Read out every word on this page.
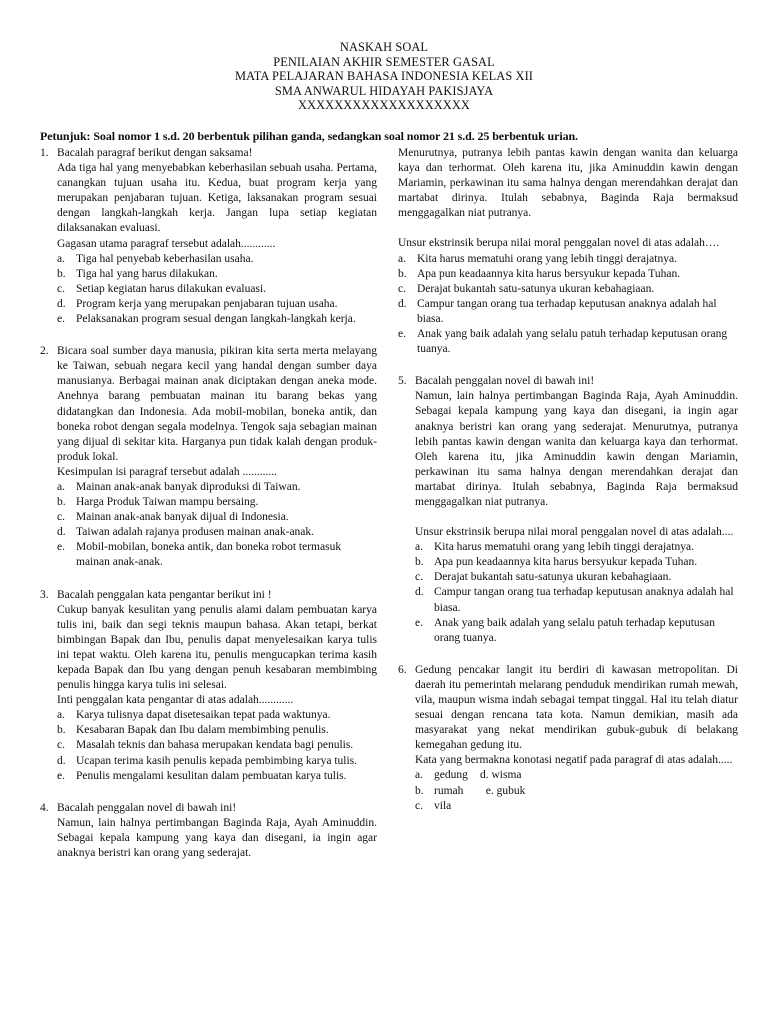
NASKAH SOAL
PENILAIAN AKHIR SEMESTER GASAL
MATA PELAJARAN BAHASA INDONESIA KELAS XII
SMA ANWARUL HIDAYAH PAKISJAYA
XXXXXXXXXXXXXXXXXXX
Petunjuk: Soal nomor 1 s.d. 20 berbentuk pilihan ganda, sedangkan soal nomor 21 s.d. 25 berbentuk urian.
1. Bacalah paragraf berikut dengan saksama!
Ada tiga hal yang menyebabkan keberhasilan sebuah usaha. Pertama, canangkan tujuan usaha itu. Kedua, buat program kerja yang merupakan penjabaran tujuan. Ketiga, laksanakan program sesuai dengan langkah-langkah kerja. Jangan lupa setiap kegiatan dilaksanakan evaluasi.
Gagasan utama paragraf tersebut adalah............
a. Tiga hal penyebab keberhasilan usaha.
b. Tiga hal yang harus dilakukan.
c. Setiap kegiatan harus dilakukan evaluasi.
d. Program kerja yang merupakan penjabaran tujuan usaha.
e. Pelaksanakan program sesual dengan langkah-langkah kerja.
2. Bicara soal sumber daya manusia, pikiran kita serta merta melayang ke Taiwan, sebuah negara kecil yang handal dengan sumber daya manusianya. Berbagai mainan anak diciptakan dengan aneka mode. Anehnya barang pembuatan mainan itu barang bekas yang didatangkan dan Indonesia. Ada mobil-mobilan, boneka antik, dan boneka robot dengan segala modelnya. Tengok saja sebagian mainan yang dijual di sekitar kita. Harganya pun tidak kalah dengan produk-produk lokal.
Kesimpulan isi paragraf tersebut adalah ............
a. Mainan anak-anak banyak diproduksi di Taiwan.
b. Harga Produk Taiwan mampu bersaing.
c. Mainan anak-anak banyak dijual di Indonesia.
d. Taiwan adalah rajanya produsen mainan anak-anak.
e. Mobil-mobilan, boneka antik, dan boneka robot termasuk mainan anak-anak.
3. Bacalah penggalan kata pengantar berikut ini !
Cukup banyak kesulitan yang penulis alami dalam pembuatan karya tulis ini, baik dan segi teknis maupun bahasa. Akan tetapi, berkat bimbingan Bapak dan Ibu, penulis dapat menyelesaikan karya tulis ini tepat waktu. Oleh karena itu, penulis mengucapkan terima kasih kepada Bapak dan Ibu yang dengan penuh kesabaran membimbing penulis hingga karya tulis ini selesai.
Inti penggalan kata pengantar di atas adalah............
a. Karya tulisnya dapat disetesaikan tepat pada waktunya.
b. Kesabaran Bapak dan Ibu dalam membimbing penulis.
c. Masalah teknis dan bahasa merupakan kendata bagi penulis.
d. Ucapan terima kasih penulis kepada pembimbing karya tulis.
e. Penulis mengalami kesulitan dalam pembuatan karya tulis.
4. Bacalah penggalan novel di bawah ini!
Namun, lain halnya pertimbangan Baginda Raja, Ayah Aminuddin. Sebagai kepala kampung yang kaya dan disegani, ia ingin agar anaknya beristri kan orang yang sederajat.
Menurutnya, putranya lebih pantas kawin dengan wanita dan keluarga kaya dan terhormat. Oleh karena itu, jika Aminuddin kawin dengan Mariamin, perkawinan itu sama halnya dengan merendahkan derajat dan martabat dirinya. Itulah sebabnya, Baginda Raja bermaksud menggagalkan niat putranya.
Unsur ekstrinsik berupa nilai moral penggalan novel di atas adalah….
a. Kita harus mematuhi orang yang lebih tinggi derajatnya.
b. Apa pun keadaannya kita harus bersyukur kepada Tuhan.
c. Derajat bukantah satu-satunya ukuran kebahagiaan.
d. Campur tangan orang tua terhadap keputusan anaknya adalah hal biasa.
e. Anak yang baik adalah yang selalu patuh terhadap keputusan orang tuanya.
5. Bacalah penggalan novel di bawah ini!
Namun, lain halnya pertimbangan Baginda Raja, Ayah Aminuddin. Sebagai kepala kampung yang kaya dan disegani, ia ingin agar anaknya beristri kan orang yang sederajat. Menurutnya, putranya lebih pantas kawin dengan wanita dan keluarga kaya dan terhormat. Oleh karena itu, jika Aminuddin kawin dengan Mariamin, perkawinan itu sama halnya dengan merendahkan derajat dan martabat dirinya. Itulah sebabnya, Baginda Raja bermaksud menggagalkan niat putranya.
Unsur ekstrinsik berupa nilai moral penggalan novel di atas adalah....
a. Kita harus mematuhi orang yang lebih tinggi derajatnya.
b. Apa pun keadaannya kita harus bersyukur kepada Tuhan.
c. Derajat bukantah satu-satunya ukuran kebahagiaan.
d. Campur tangan orang tua terhadap keputusan anaknya adalah hal biasa.
e. Anak yang baik adalah yang selalu patuh terhadap keputusan orang tuanya.
6. Gedung pencakar langit itu berdiri di kawasan metropolitan. Di daerah itu pemerintah melarang penduduk mendirikan rumah mewah, vila, maupun wisma indah sebagai tempat tinggal. Hal itu telah diatur sesuai dengan rencana tata kota. Namun demikian, masih ada masyarakat yang nekat mendirikan gubuk-gubuk di belakang kemegahan gedung itu.
Kata yang bermakna konotasi negatif pada paragraf di atas adalah.....
a. gedung	d. wisma
b. rumah	e. gubuk
c. vila
